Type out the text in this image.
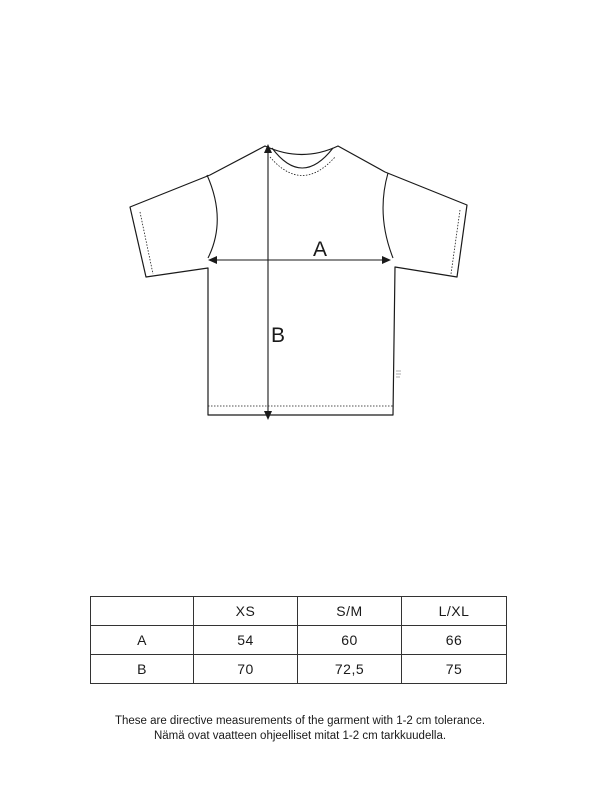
A
B
	XS	S/M	L/XL
A	54	60	66
B	70	72,5	75
These are directive measurements of the garment with 1-2 cm tolerance.
Nämä ovat vaatteen ohjeelliset mitat 1-2 cm tarkkuudella.
